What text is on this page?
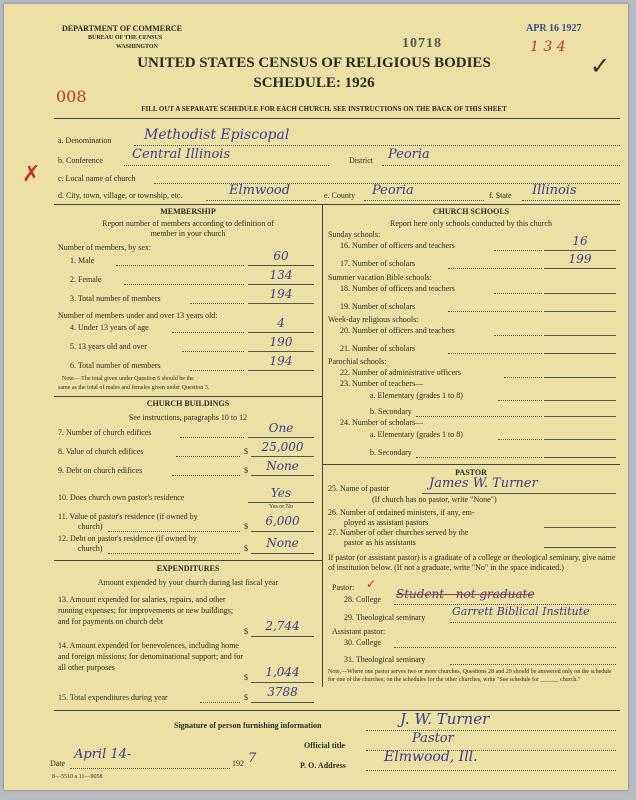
DEPARTMENT OF COMMERCE
BUREAU OF THE CENSUS
WASHINGTON	10718
APR 16 1927
1 3 4
008
✓
UNITED STATES CENSUS OF RELIGIOUS BODIES
SCHEDULE: 1926
FILL OUT A SEPARATE SCHEDULE FOR EACH CHURCH. SEE INSTRUCTIONS ON THE BACK OF THIS SHEET
a. Denomination Methodist Episcopal
b. Conference Central Illinois	District Peoria
c. Local name of church
✗
d. City, town, village, or township, etc.	Elmwood	e. County Peoria	f. State Illinois
MEMBERSHIP
Report number of members according to definition of
member in your church
Number of members, by sex:
1. Male	60
2. Female	134
3. Total number of members	194
Number of members under and over 13 years old:
4. Under 13 years of age	4
5. 13 years old and over	190
6. Total number of members	194
Note.—The total given under Question 6 should be the
same as the total of males and females given under Question 3.
CHURCH BUILDINGS
See instructions, paragraphs 10 to 12
7. Number of church edifices	One
8. Value of church edifices	$	25,000
9. Debt on church edifices	$	None
10. Does church own pastor's residence	Yes
Yes or No
11. Value of pastor's residence (if owned by
church)	$	6,000
12. Debt on pastor's residence (if owned by
church)	$	None
EXPENDITURES
Amount expended by your church during last fiscal year
13. Amount expended for salaries, repairs, and other running expenses; for improvements or new buildings; and for payments on church debt
$	2,744
14. Amount expended for benevolences, including home and foreign missions; for denominational support; and for all other purposes
$	1,044
15. Total expenditures during year	$	3788
CHURCH SCHOOLS
Report here only schools conducted by this church
Sunday schools:
16. Number of officers and teachers	16
17. Number of scholars	199
Summer vacation Bible schools:
18. Number of officers and teachers
19. Number of scholars
Week-day religious schools:
20. Number of officers and teachers
21. Number of scholars
Parochial schools:
22. Number of administrative officers
23. Number of teachers—
a. Elementary (grades 1 to 8)
b. Secondary
24. Number of scholars—
a. Elementary (grades 1 to 8)
b. Secondary
PASTOR
25. Name of pastor	James W. Turner
(If church has no pastor, write "None")
26. Number of ordained ministers, if any, em-
ployed as assistant pastors
27. Number of other churches served by the
pastor as his assistants
If pastor (or assistant pastor) is a graduate of a college or theological seminary, give name of institution below. (If not a graduate, write "No" in the space indicated.)
Pastor: ✓
28. College Student - not graduate
29. Theological seminary Garrett Biblical Institute
Assistant pastor:
30. College
31. Theological seminary
Note.—Where one pastor serves two or more churches, Questions 28 and 29 should be answered only on the schedule for one of the churches; on the schedules for the other churches, write "See schedule for ______ church."
Signature of person furnishing information	J. W. Turner
Official title	Pastor
Date
April 14-
192 7	P. O. Address
Elmwood, Ill.
8—5510 a 11—9058
